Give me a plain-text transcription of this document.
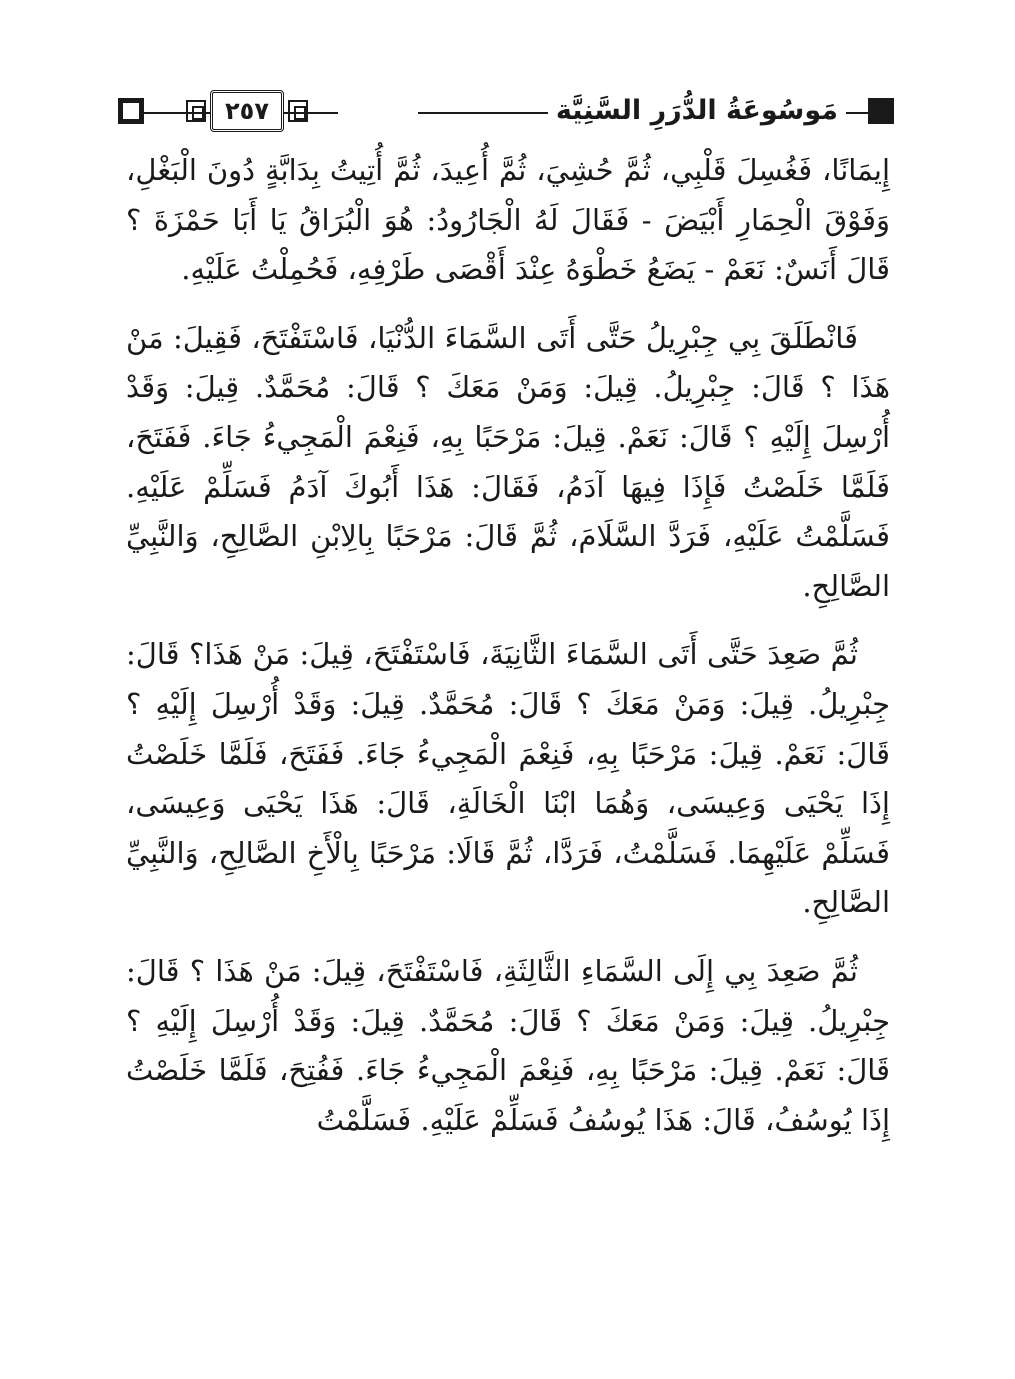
٢٥٧	مَوسُوعَةُ الدُّرَرِ السَّنِيَّة

إِيمَانًا، فَغُسِلَ قَلْبِي، ثُمَّ حُشِيَ، ثُمَّ أُعِيدَ، ثُمَّ أُتِيتُ بِدَابَّةٍ دُونَ الْبَغْلِ، وَفَوْقَ الْحِمَارِ أَبْيَضَ - فَقَالَ لَهُ الْجَارُودُ: هُوَ الْبُرَاقُ يَا أَبَا حَمْزَةَ ؟ قَالَ أَنَسٌ: نَعَمْ - يَضَعُ خَطْوَهُ عِنْدَ أَقْصَى طَرْفِهِ، فَحُمِلْتُ عَلَيْهِ.

فَانْطَلَقَ بِي جِبْرِيلُ حَتَّى أَتَى السَّمَاءَ الدُّنْيَا، فَاسْتَفْتَحَ، فَقِيلَ: مَنْ هَذَا ؟ قَالَ: جِبْرِيلُ. قِيلَ: وَمَنْ مَعَكَ ؟ قَالَ: مُحَمَّدٌ. قِيلَ: وَقَدْ أُرْسِلَ إِلَيْهِ ؟ قَالَ: نَعَمْ. قِيلَ: مَرْحَبًا بِهِ، فَنِعْمَ الْمَجِيءُ جَاءَ. فَفَتَحَ، فَلَمَّا خَلَصْتُ فَإِذَا فِيهَا آدَمُ، فَقَالَ: هَذَا أَبُوكَ آدَمُ فَسَلِّمْ عَلَيْهِ. فَسَلَّمْتُ عَلَيْهِ، فَرَدَّ السَّلَامَ، ثُمَّ قَالَ: مَرْحَبًا بِالِابْنِ الصَّالِحِ، وَالنَّبِيِّ الصَّالِحِ.

ثُمَّ صَعِدَ حَتَّى أَتَى السَّمَاءَ الثَّانِيَةَ، فَاسْتَفْتَحَ، قِيلَ: مَنْ هَذَا؟ قَالَ: جِبْرِيلُ. قِيلَ: وَمَنْ مَعَكَ ؟ قَالَ: مُحَمَّدٌ. قِيلَ: وَقَدْ أُرْسِلَ إِلَيْهِ ؟ قَالَ: نَعَمْ. قِيلَ: مَرْحَبًا بِهِ، فَنِعْمَ الْمَجِيءُ جَاءَ. فَفَتَحَ، فَلَمَّا خَلَصْتُ إِذَا يَحْيَى وَعِيسَى، وَهُمَا ابْنَا الْخَالَةِ، قَالَ: هَذَا يَحْيَى وَعِيسَى، فَسَلِّمْ عَلَيْهِمَا. فَسَلَّمْتُ، فَرَدَّا، ثُمَّ قَالَا: مَرْحَبًا بِالْأَخِ الصَّالِحِ، وَالنَّبِيِّ الصَّالِحِ.

ثُمَّ صَعِدَ بِي إِلَى السَّمَاءِ الثَّالِثَةِ، فَاسْتَفْتَحَ، قِيلَ: مَنْ هَذَا ؟ قَالَ: جِبْرِيلُ. قِيلَ: وَمَنْ مَعَكَ ؟ قَالَ: مُحَمَّدٌ. قِيلَ: وَقَدْ أُرْسِلَ إِلَيْهِ ؟ قَالَ: نَعَمْ. قِيلَ: مَرْحَبًا بِهِ، فَنِعْمَ الْمَجِيءُ جَاءَ. فَفُتِحَ، فَلَمَّا خَلَصْتُ إِذَا يُوسُفُ، قَالَ: هَذَا يُوسُفُ فَسَلِّمْ عَلَيْهِ. فَسَلَّمْتُ
